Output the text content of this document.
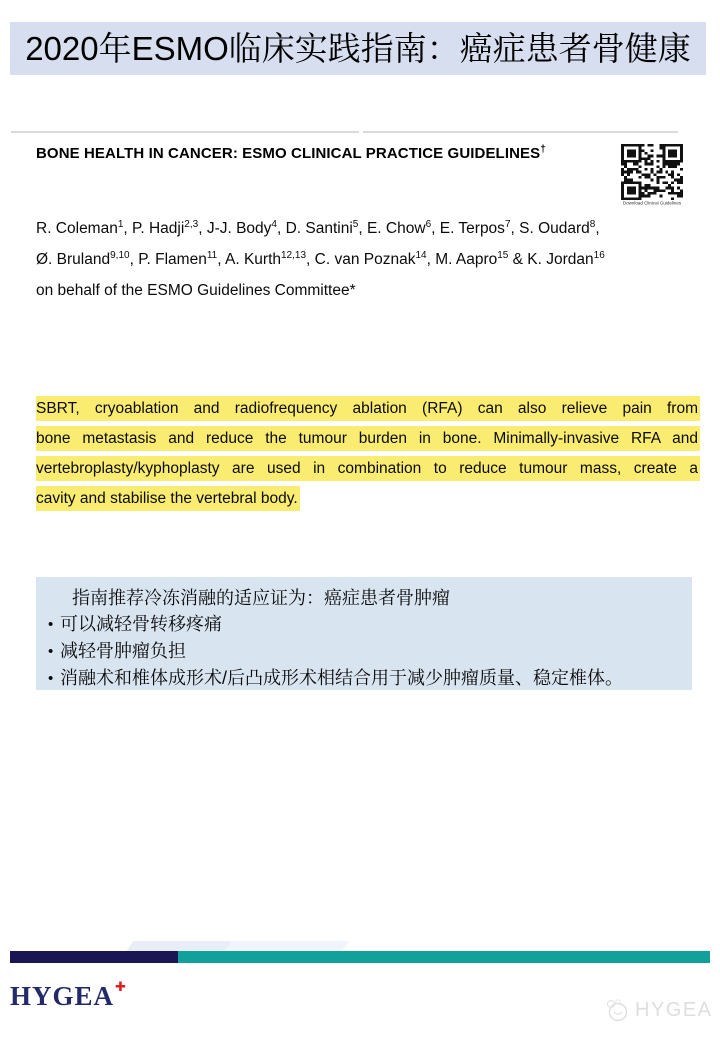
2020年ESMO临床实践指南：癌症患者骨健康
BONE HEALTH IN CANCER: ESMO CLINICAL PRACTICE GUIDELINES†
Download Clinical Guidelines
R. Coleman$^1$, P. Hadji$^{2,3}$, J-J. Body$^4$, D. Santini$^5$, E. Chow$^6$, E. Terpos$^7$, S. Oudard$^8$,
Ø. Bruland$^{9,10}$, P. Flamen$^{11}$, A. Kurth$^{12,13}$, C. van Poznak$^{14}$, M. Aapro$^{15}$ & K. Jordan$^{16}$
on behalf of the ESMO Guidelines Committee*
SBRT, cryoablation and radiofrequency ablation (RFA) can also relieve pain from
bone metastasis and reduce the tumour burden in bone. Minimally-invasive RFA and
vertebroplasty/kyphoplasty are used in combination to reduce tumour mass, create a
cavity and stabilise the vertebral body.
指南推荐冷冻消融的适应证为：癌症患者骨肿瘤
• 可以减轻骨转移疼痛
• 减轻骨肿瘤负担
• 消融术和椎体成形术/后凸成形术相结合用于减少肿瘤质量、稳定椎体。
HYGEA ✚
HYGEA
